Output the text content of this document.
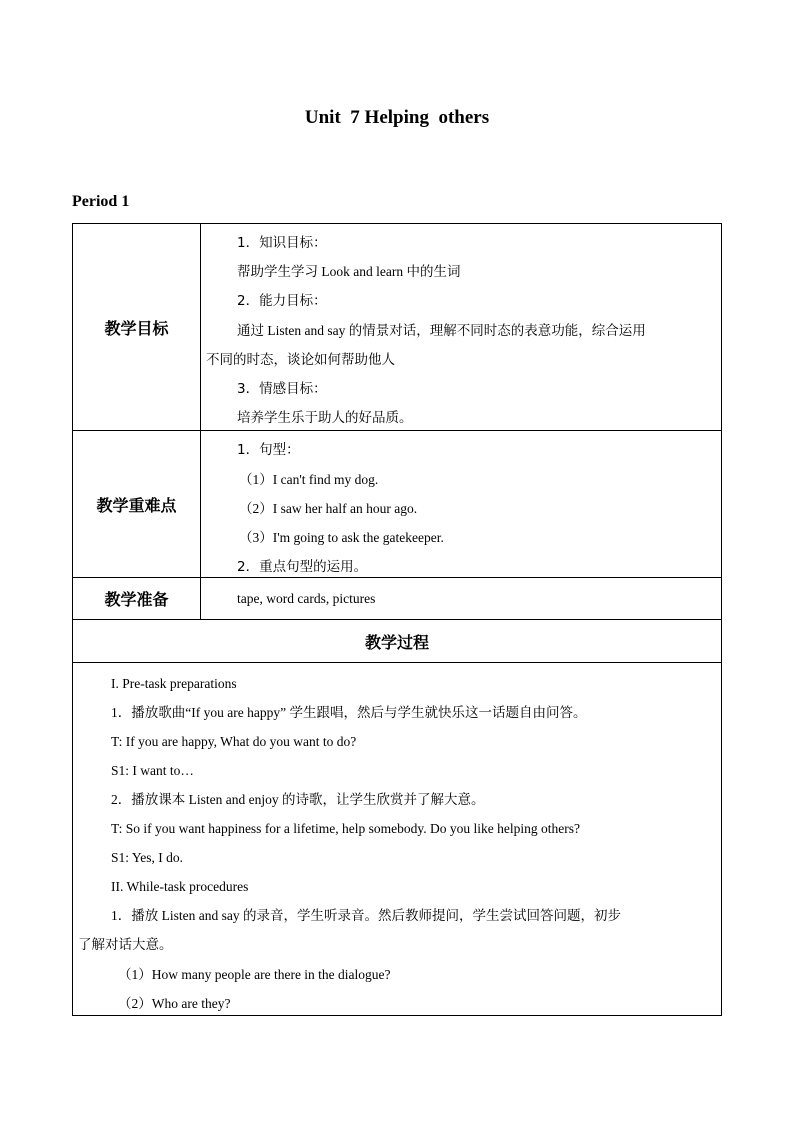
Unit  7 Helping  others
Period 1
教学目标
1．知识目标：
帮助学生学习 Look and learn 中的生词
2．能力目标：
通过 Listen and say 的情景对话，理解不同时态的表意功能，综合运用
不同的时态，谈论如何帮助他人
3．情感目标：
培养学生乐于助人的好品质。
教学重难点
1．句型：
（1）I can't find my dog.
（2）I saw her half an hour ago.
（3）I'm going to ask the gatekeeper.
2．重点句型的运用。
教学准备	tape, word cards, pictures
教学过程
I. Pre-task preparations
1．播放歌曲“If you are happy” 学生跟唱，然后与学生就快乐这一话题自由问答。
T: If you are happy, What do you want to do?
S1: I want to…
2．播放课本 Listen and enjoy 的诗歌，让学生欣赏并了解大意。
T: So if you want happiness for a lifetime, help somebody. Do you like helping others?
S1: Yes, I do.
II. While-task procedures
1．播放 Listen and say 的录音，学生听录音。然后教师提问，学生尝试回答问题，初步
了解对话大意。
（1）How many people are there in the dialogue?
（2）Who are they?
